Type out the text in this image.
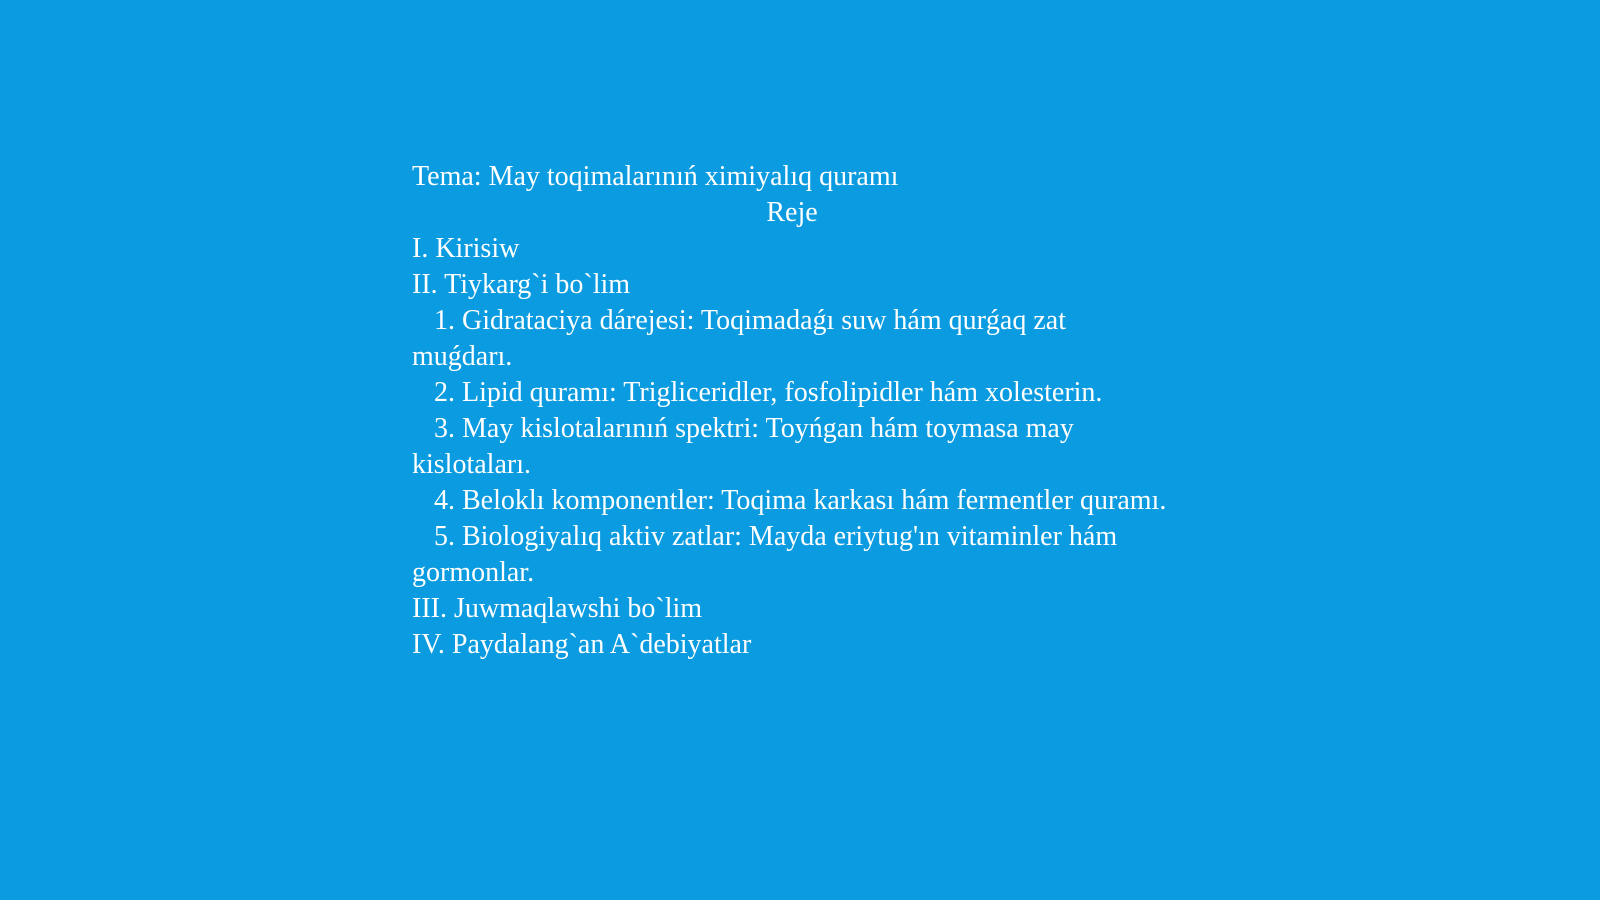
Tema: May toqimalarınıń ximiyalıq quramı
Reje
I. Kirisiw
II. Tiykarg`i bo`lim
1. Gidrataciya dárejesi: Toqimadaǵı suw hám qurǵaq zat muǵdarı.
2. Lipid quramı: Trigliceridler, fosfolipidler hám xolesterin.
3. May kislotalarınıń spektri: Toyńgan hám toymasa may kislotaları.
4. Beloklı komponentler: Toqima karkası hám fermentler quramı.
5. Biologiyalıq aktiv zatlar: Mayda eriytug'ın vitaminler hám gormonlar.
III. Juwmaqlawshi bo`lim
IV. Paydalang`an A`debiyatlar
